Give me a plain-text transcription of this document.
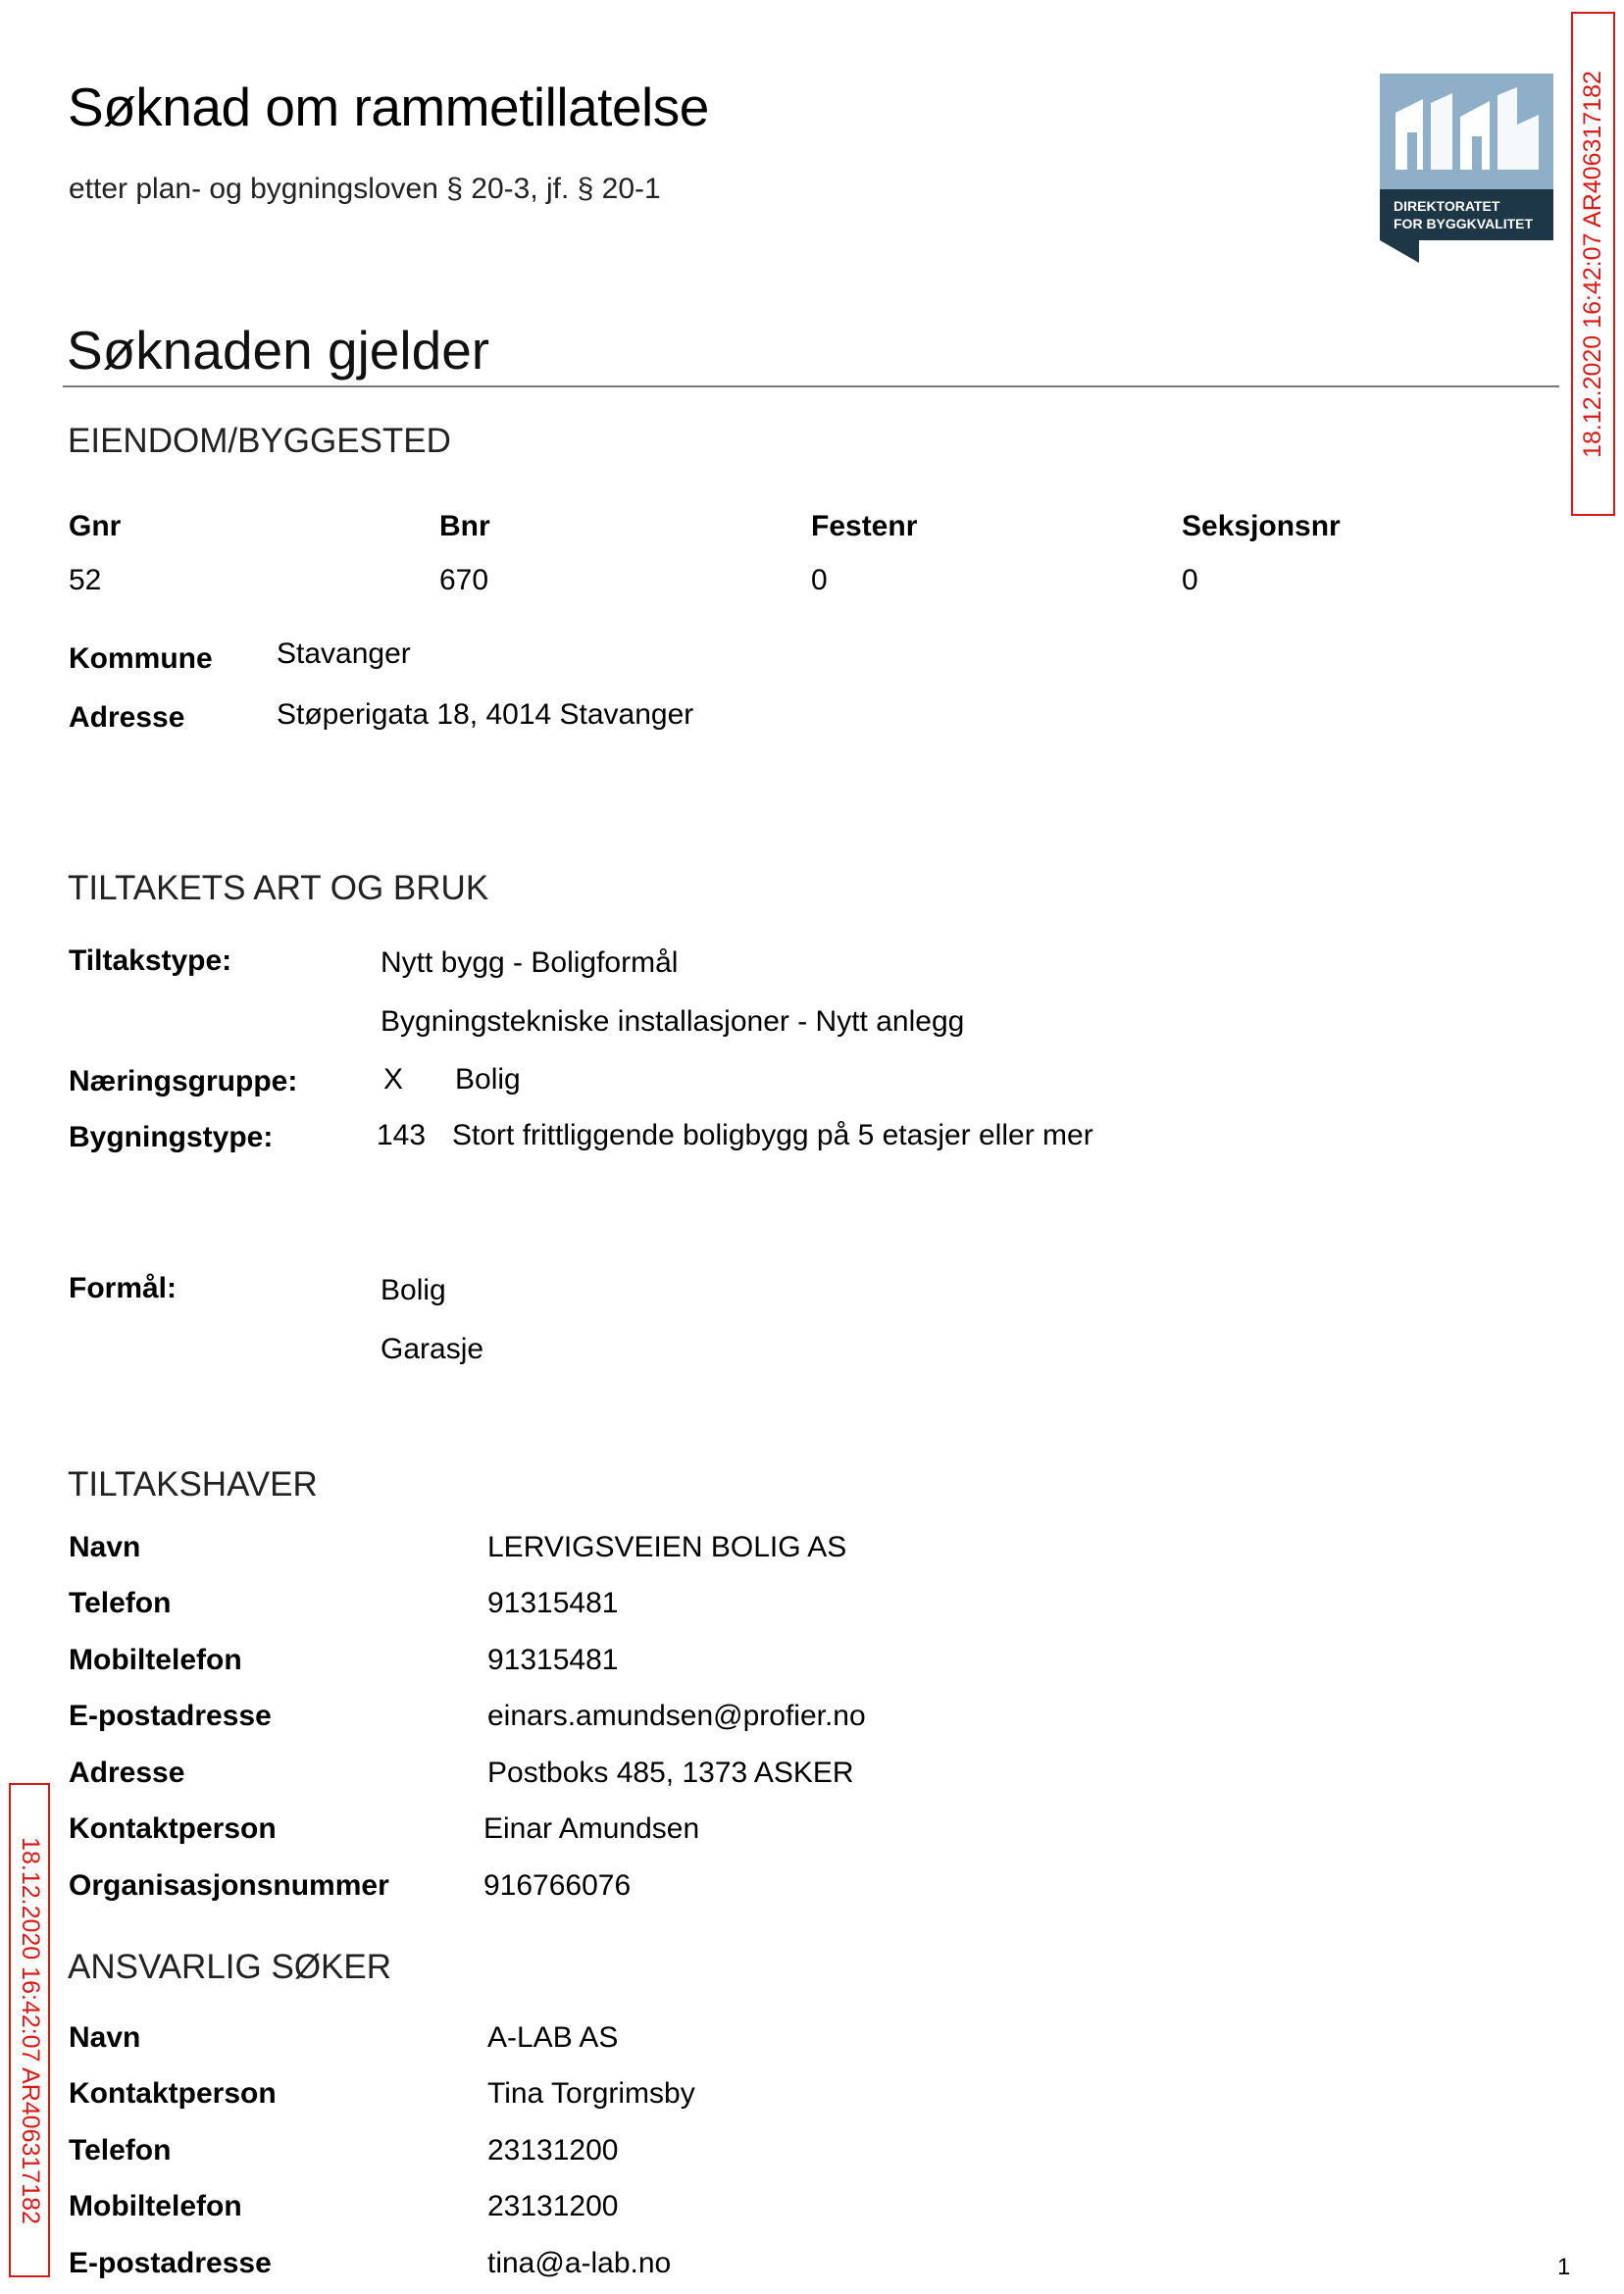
Søknad om rammetillatelse
etter plan- og bygningsloven § 20-3, jf. § 20-1
DIREKTORATET
FOR BYGGKVALITET 18.12.2020 16:42:07 AR406317182
18.12.2020 16:42:07 AR406317182
Søknaden gjelder
EIENDOM/BYGGESTED
Gnr	Bnr	Festenr	Seksjonsnr
52	670	0	0
Kommune Stavanger
Adresse	Støperigata 18, 4014 Stavanger
TILTAKETS ART OG BRUK
Tiltakstype:	Nytt bygg - Boligformål
Bygningstekniske installasjoner - Nytt anlegg
Næringsgruppe:	X Bolig
Bygningstype:	143 Stort frittliggende boligbygg på 5 etasjer eller mer
Formål:	Bolig
Garasje
TILTAKSHAVER
Navn	LERVIGSVEIEN BOLIG AS
Telefon	91315481
Mobiltelefon	91315481
E-postadresse	einars.amundsen@profier.no
Adresse	Postboks 485, 1373 ASKER
Kontaktperson	Einar Amundsen
Organisasjonsnummer	916766076
ANSVARLIG SØKER
Navn	A-LAB AS
Kontaktperson	Tina Torgrimsby
Telefon	23131200
Mobiltelefon	23131200
E-postadresse	tina@a-lab.no	1
